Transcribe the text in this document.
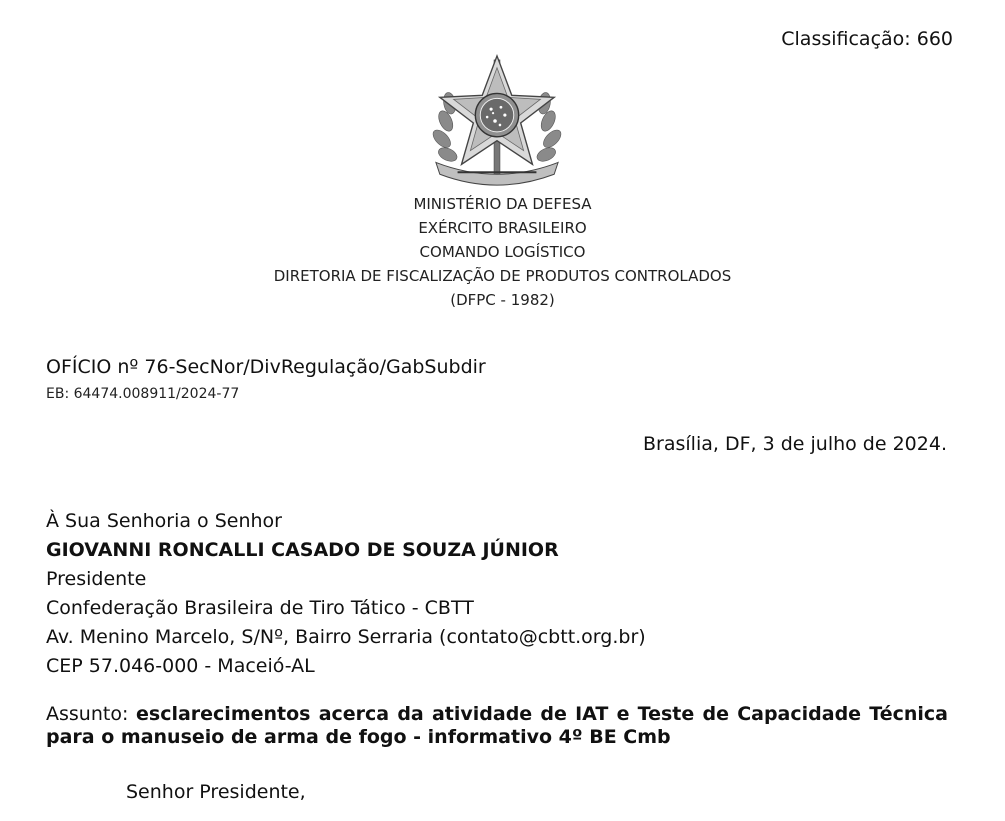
Classificação: 660
MINISTÉRIO DA DEFESA
EXÉRCITO BRASILEIRO
COMANDO LOGÍSTICO
DIRETORIA DE FISCALIZAÇÃO DE PRODUTOS CONTROLADOS
(DFPC - 1982)
OFÍCIO nº 76-SecNor/DivRegulação/GabSubdir
EB: 64474.008911/2024-77
Brasília, DF, 3 de julho de 2024.
À Sua Senhoria o Senhor
GIOVANNI RONCALLI CASADO DE SOUZA JÚNIOR
Presidente
Confederação Brasileira de Tiro Tático - CBTT
Av. Menino Marcelo, S/Nº, Bairro Serraria (contato@cbtt.org.br)
CEP 57.046-000 - Maceió-AL
Assunto: esclarecimentos acerca da atividade de IAT e Teste de Capacidade Técnica para o manuseio de arma de fogo - informativo 4º BE Cmb
Senhor Presidente,
